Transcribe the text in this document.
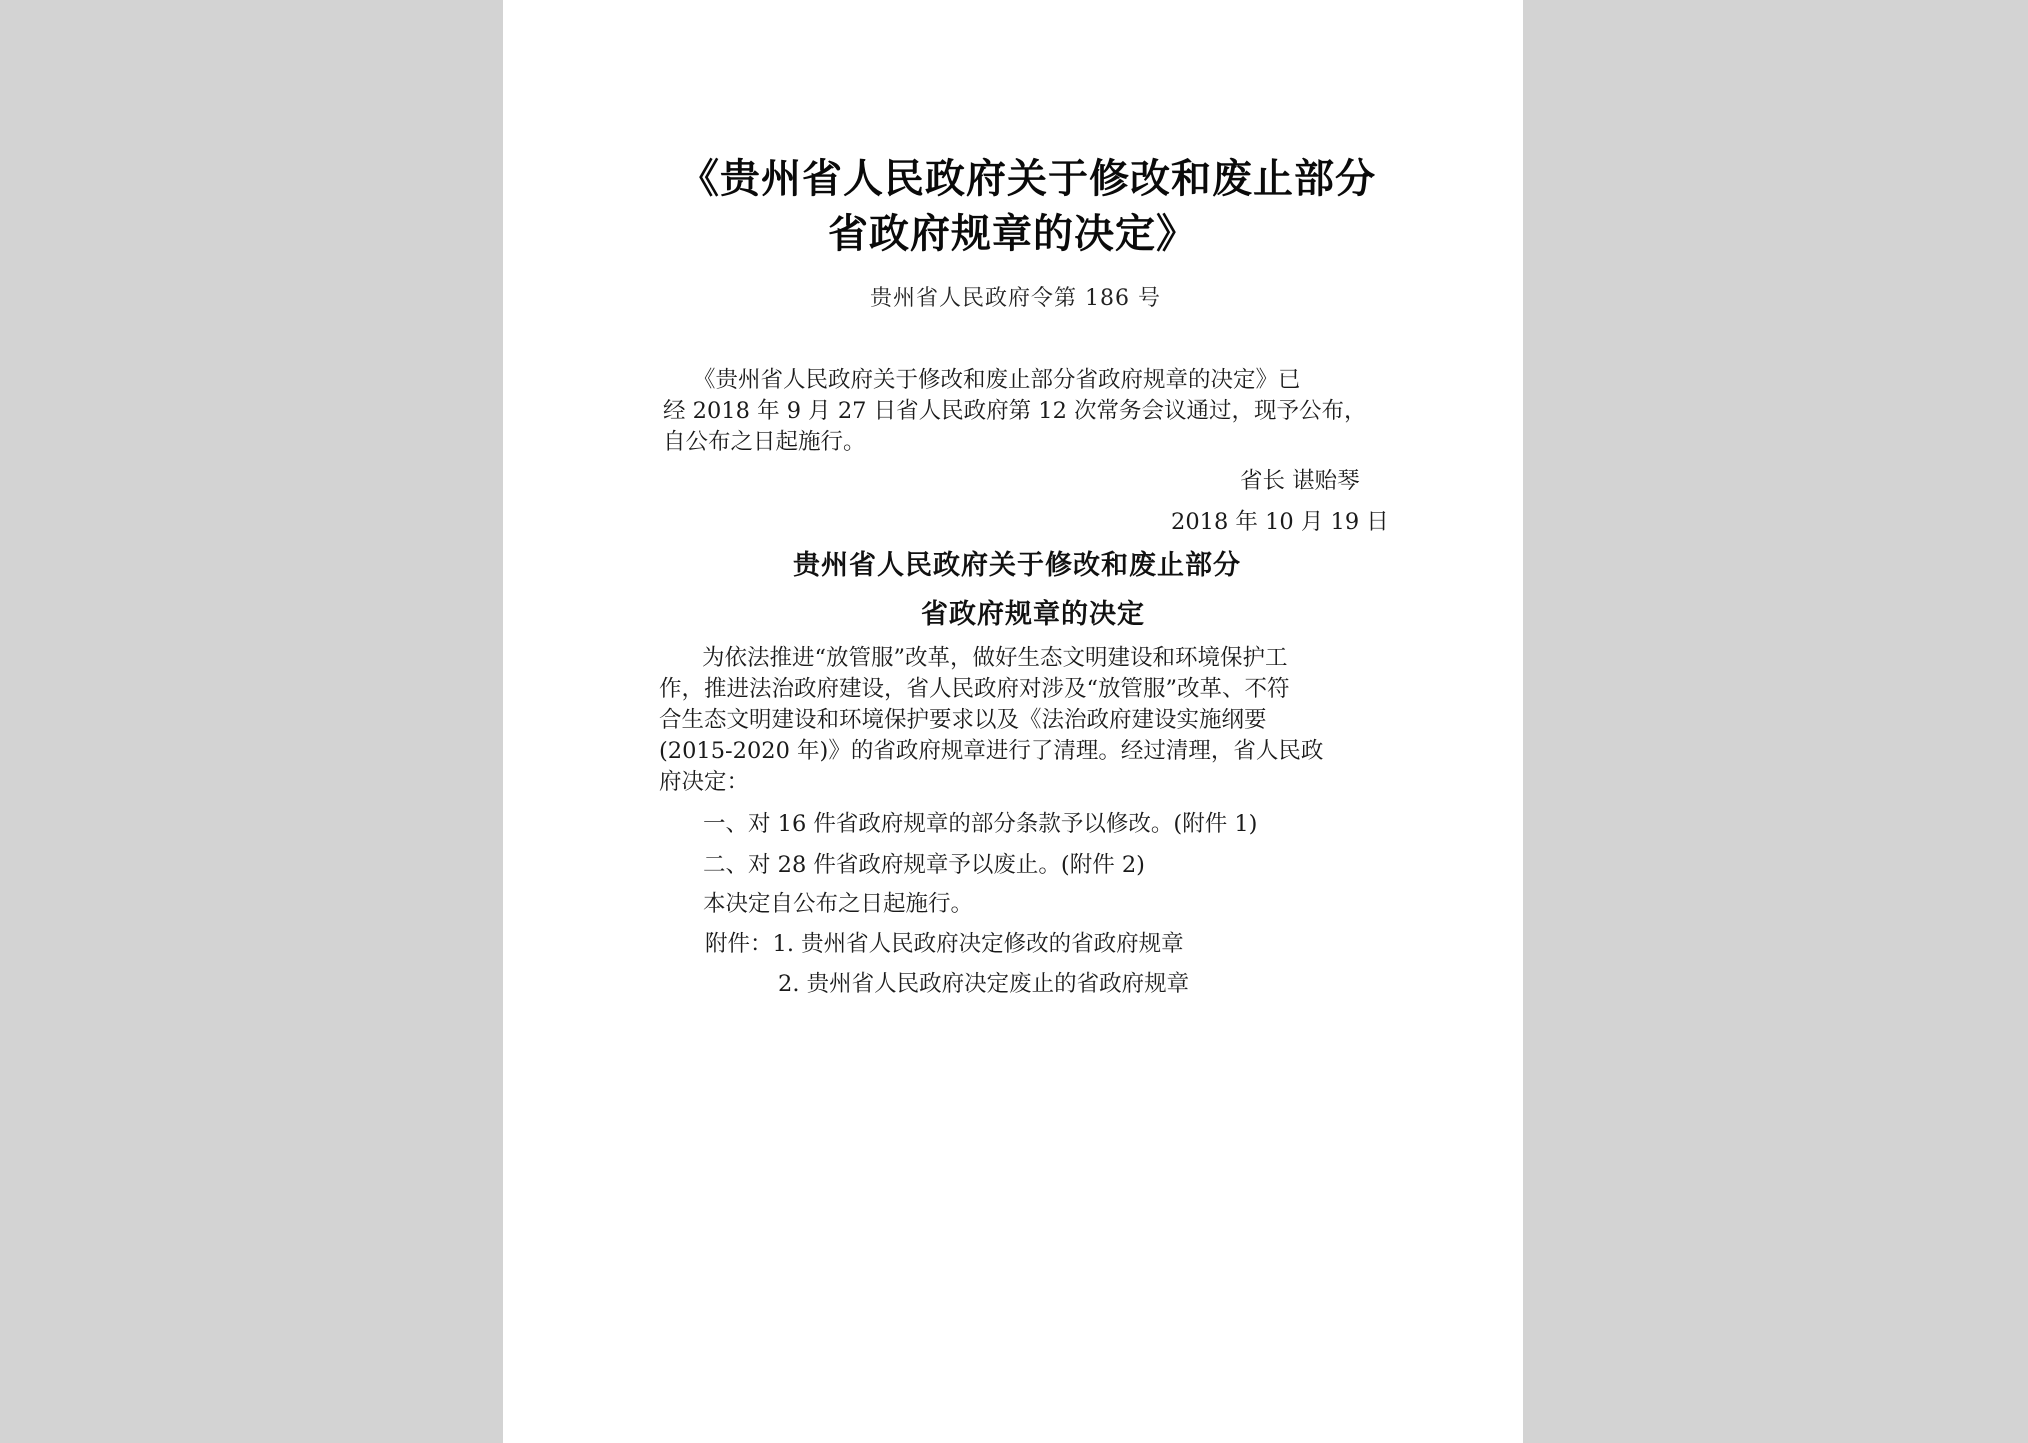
《贵州省人民政府关于修改和废止部分
省政府规章的决定》
贵州省人民政府令第 186 号
《贵州省人民政府关于修改和废止部分省政府规章的决定》已
经 2018 年 9 月 27 日省人民政府第 12 次常务会议通过，现予公布，
自公布之日起施行。
省长 谌贻琴
2018 年 10 月 19 日
贵州省人民政府关于修改和废止部分
省政府规章的决定
为依法推进“放管服”改革，做好生态文明建设和环境保护工
作，推进法治政府建设，省人民政府对涉及“放管服”改革、不符
合生态文明建设和环境保护要求以及《法治政府建设实施纲要
(2015-2020 年)》的省政府规章进行了清理。经过清理，省人民政
府决定：
一、对 16 件省政府规章的部分条款予以修改。(附件 1)
二、对 28 件省政府规章予以废止。(附件 2)
本决定自公布之日起施行。
附件：1. 贵州省人民政府决定修改的省政府规章
2. 贵州省人民政府决定废止的省政府规章
